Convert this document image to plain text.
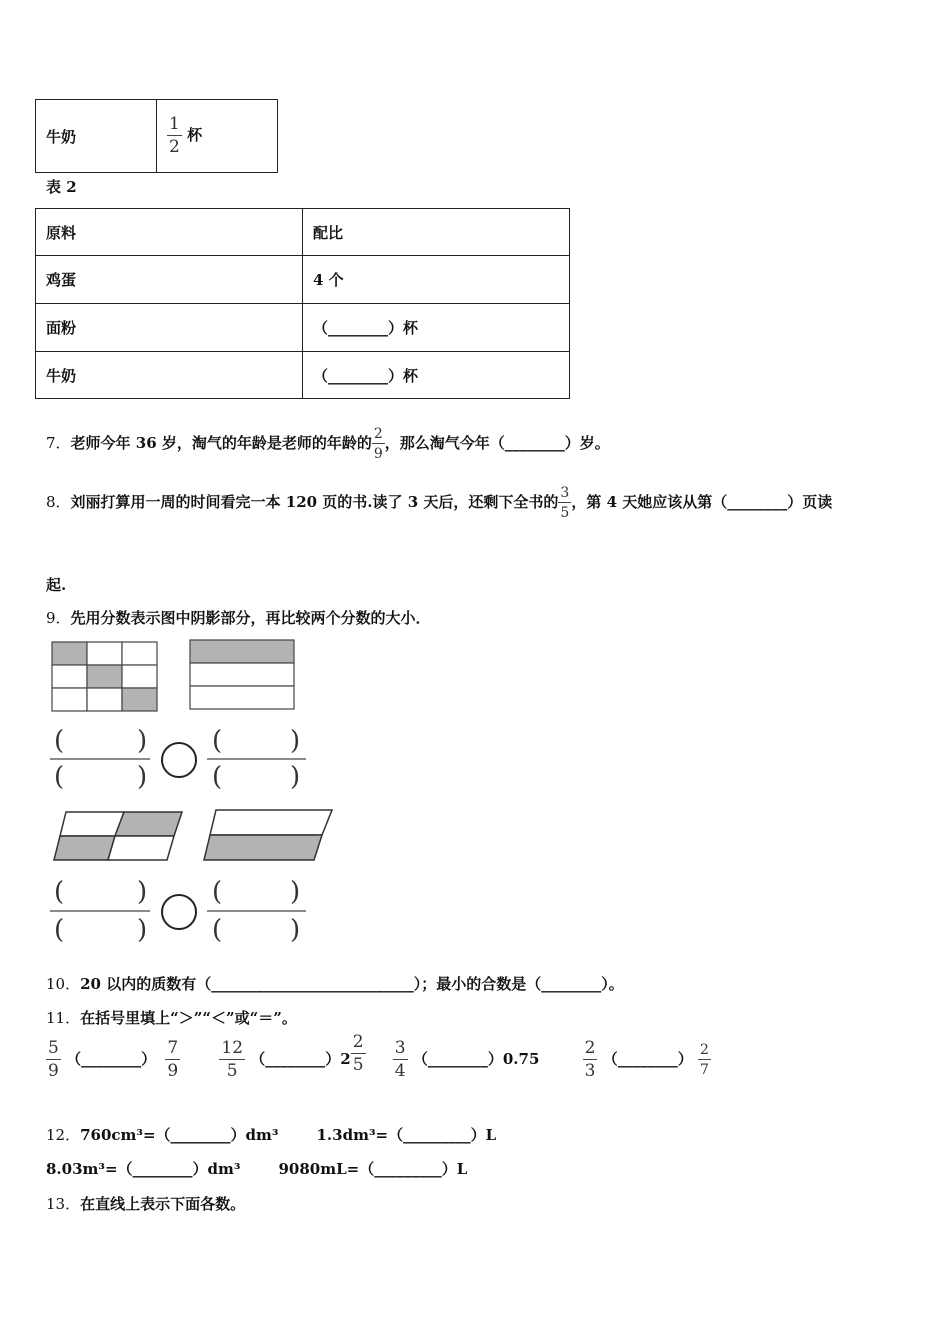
牛奶	$\frac{1}{2}$ 杯
表 2
原料	配比
鸡蛋	4 个
面粉	（________）杯
牛奶	（________）杯
7．老师今年 36 岁，淘气的年龄是老师的年龄的 $\frac{2}{9}$ ，那么淘气今年（________）岁。
8．刘丽打算用一周的时间看完一本 120 页的书.读了 3 天后，还剩下全书的 $\frac{3}{5}$ ，第 4 天她应该从第（________）页读
起.
9．先用分数表示图中阴影部分，再比较两个分数的大小．
(	)
(	)
(	)
(	)
(	)
(	)
(	)
(	)
10．20 以内的质数有（___________________________）；最小的合数是（________）。
11．在括号里填上“＞”“＜”或“＝”。
$\frac{5}{9}$ （________） $\frac{7}{9}$
$\frac{12}{5}$ （________）2 $\frac{2}{5}$
$\frac{3}{4}$ （________）0.75	$\frac{2}{3}$ （________） $\frac{2}{7}$
12．760cm³=（________）dm³	1.3dm³=（_________）L
8.03m³=（________）dm³	9080mL=（_________）L
13．在直线上表示下面各数。
